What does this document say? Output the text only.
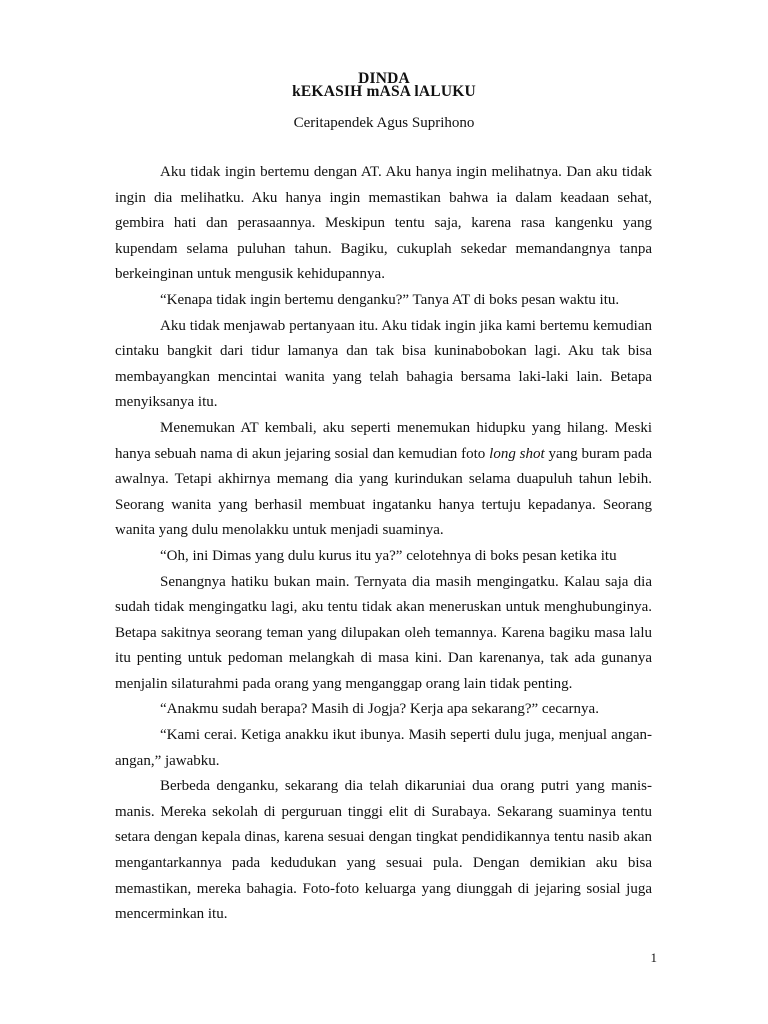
DINDA
kEKASIH mASA lALUKU
Ceritapendek Agus Suprihono

Aku tidak ingin bertemu dengan AT. Aku hanya ingin melihatnya. Dan aku tidak ingin dia melihatku. Aku hanya ingin memastikan bahwa ia dalam keadaan sehat, gembira hati dan perasaannya. Meskipun tentu saja, karena rasa kangenku yang kupendam selama puluhan tahun. Bagiku, cukuplah sekedar memandangnya tanpa berkeinginan untuk mengusik kehidupannya.

“Kenapa tidak ingin bertemu denganku?” Tanya AT di boks pesan waktu itu.

Aku tidak menjawab pertanyaan itu. Aku tidak ingin jika kami bertemu kemudian cintaku bangkit dari tidur lamanya dan tak bisa kuninabobokan lagi. Aku tak bisa membayangkan mencintai wanita yang telah bahagia bersama laki-laki lain. Betapa menyiksanya itu.

Menemukan AT kembali, aku seperti menemukan hidupku yang hilang. Meski hanya sebuah nama di akun jejaring sosial dan kemudian foto long shot yang buram pada awalnya. Tetapi akhirnya memang dia yang kurindukan selama duapuluh tahun lebih. Seorang wanita yang berhasil membuat ingatanku hanya tertuju kepadanya. Seorang wanita yang dulu menolakku untuk menjadi suaminya.

“Oh, ini Dimas yang dulu kurus itu ya?” celotehnya di boks pesan ketika itu

Senangnya hatiku bukan main. Ternyata dia masih mengingatku. Kalau saja dia sudah tidak mengingatku lagi, aku tentu tidak akan meneruskan untuk menghubunginya. Betapa sakitnya seorang teman yang dilupakan oleh temannya. Karena bagiku masa lalu itu penting untuk pedoman melangkah di masa kini. Dan karenanya, tak ada gunanya menjalin silaturahmi pada orang yang menganggap orang lain tidak penting.

“Anakmu sudah berapa? Masih di Jogja? Kerja apa sekarang?” cecarnya.

“Kami cerai. Ketiga anakku ikut ibunya. Masih seperti dulu juga, menjual angan-angan,” jawabku.

Berbeda denganku, sekarang dia telah dikaruniai dua orang putri yang manis-manis. Mereka sekolah di perguruan tinggi elit di Surabaya. Sekarang suaminya tentu setara dengan kepala dinas, karena sesuai dengan tingkat pendidikannya tentu nasib akan mengantarkannya pada kedudukan yang sesuai pula. Dengan demikian aku bisa memastikan, mereka bahagia. Foto-foto keluarga yang diunggah di jejaring sosial juga mencerminkan itu.

1
